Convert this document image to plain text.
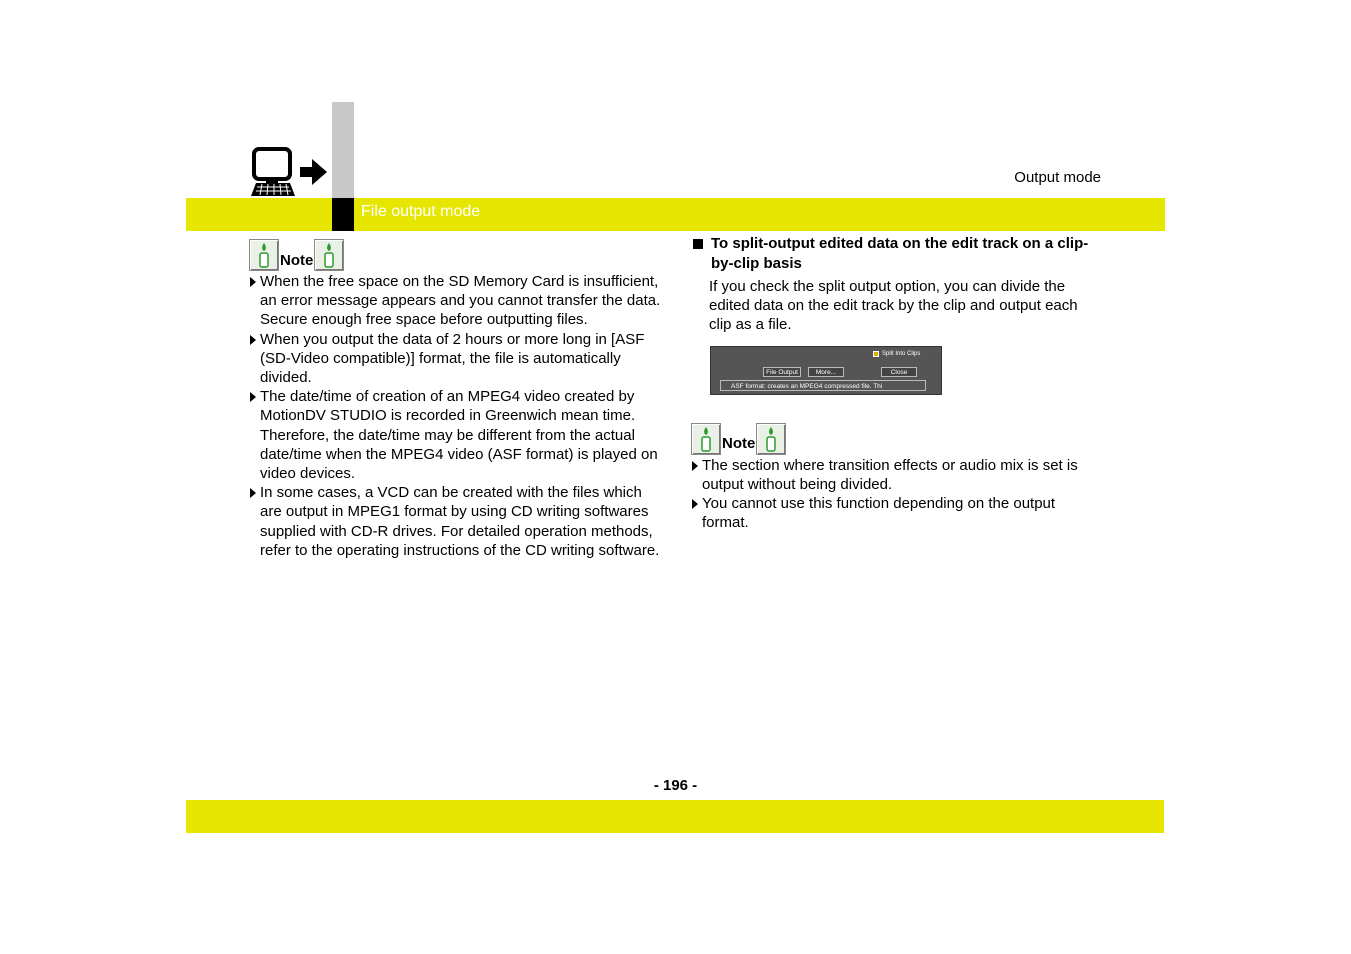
Output mode
File output mode
Note
When the free space on the SD Memory Card is insufficient, an error message appears and you cannot transfer the data. Secure enough free space before outputting files.
When you output the data of 2 hours or more long in [ASF (SD-Video compatible)] format, the file is automatically divided.
The date/time of creation of an MPEG4 video created by MotionDV STUDIO is recorded in Greenwich mean time. Therefore, the date/time may be different from the actual date/time when the MPEG4 video (ASF format) is played on video devices.
In some cases, a VCD can be created with the files which are output in MPEG1 format by using CD writing softwares supplied with CD-R drives. For detailed operation methods, refer to the operating instructions of the CD writing software.
To split-output edited data on the edit track on a clip-by-clip basis
If you check the split output option, you can divide the edited data on the edit track by the clip and output each clip as a file.
Split Into Clips
File Output	More...	Close
ASF format: creates an MPEG4 compressed file. Thi
Note
The section where transition effects or audio mix is set is output without being divided.
You cannot use this function depending on the output format.
- 196 -
